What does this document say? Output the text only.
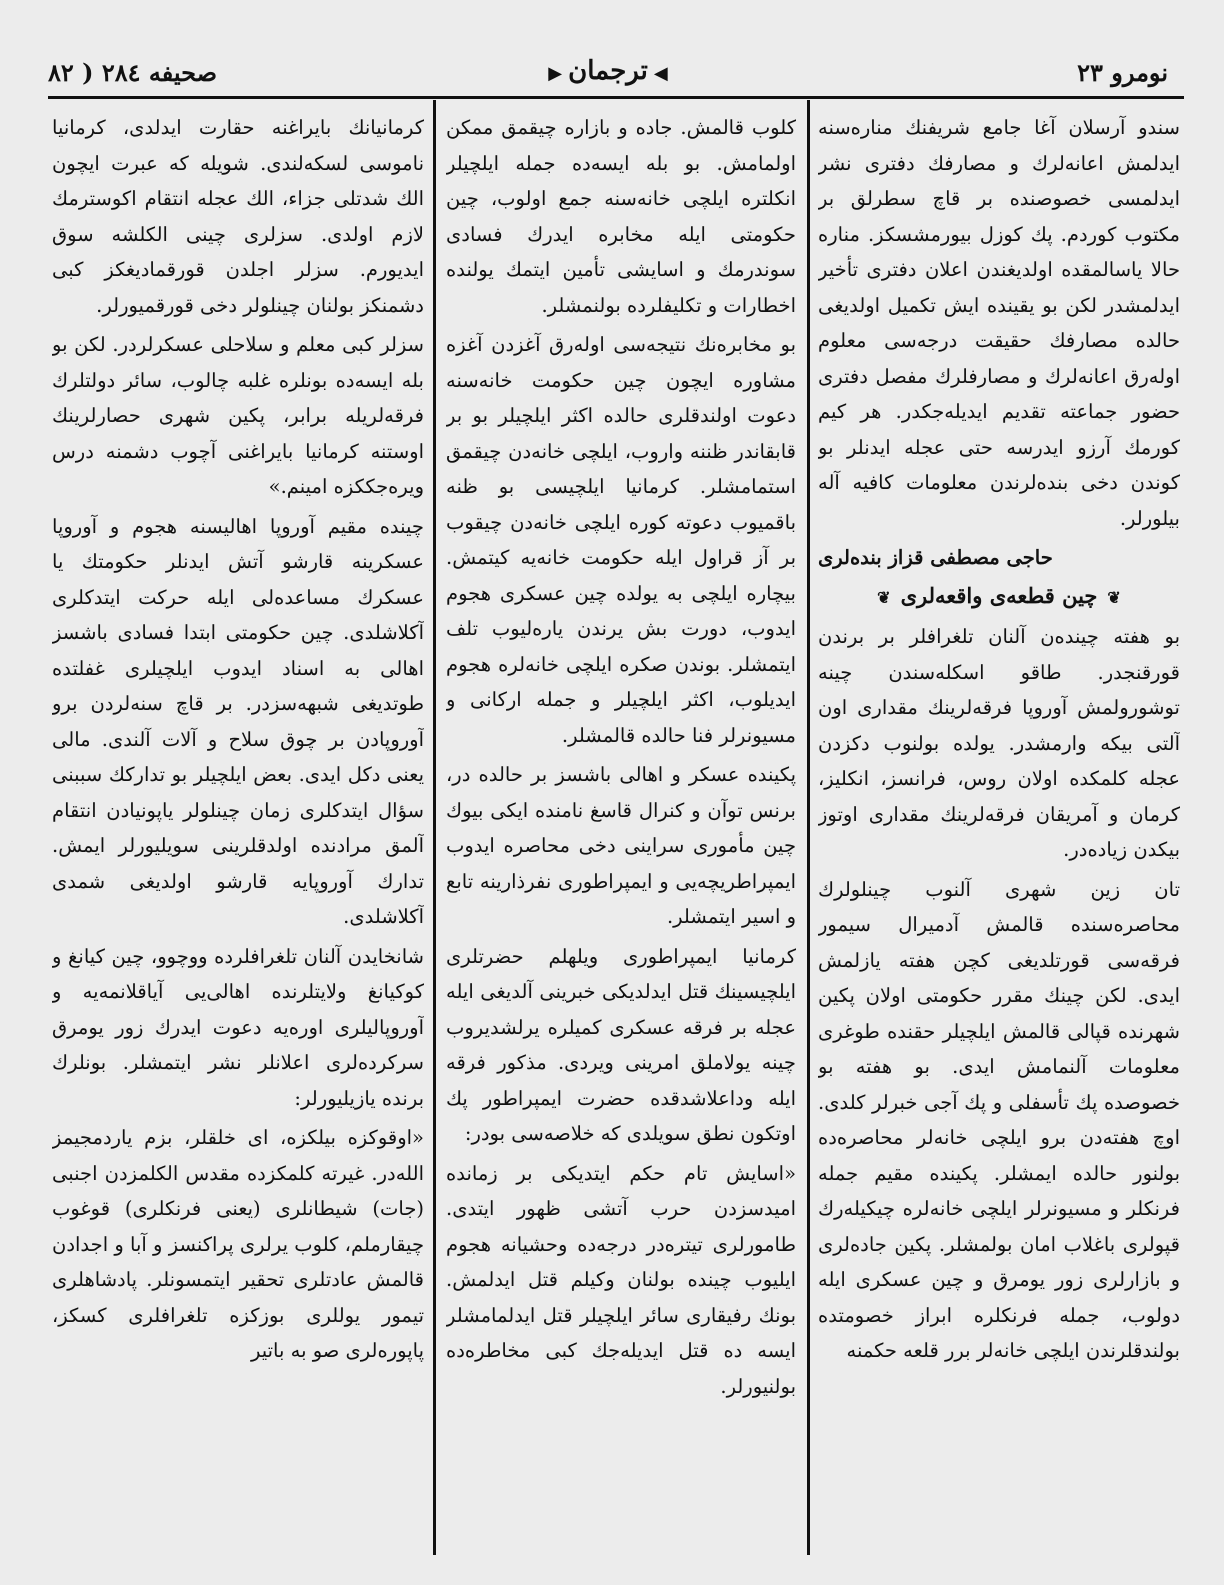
نومرو ۲۳
◀ترجمان▶
صحیفه ۲۸٤ ( ۸۲

سندو آرسلان آغا جامع شریفنك مناره‌سنه ایدلمش اعانه‌لرك و مصارفك دفتری نشر ایدلمسی خصوصنده بر قاچ سطرلق بر مکتوب کوردم. پك کوزل بیورمشسکز. مناره حالا یاسالمقده اولدیغندن اعلان دفتری تأخیر ایدلمشدر لکن بو یقینده ایش تکمیل اولدیغی حالده مصارفك حقیقت درجه‌سی معلوم اوله‌رق اعانه‌لرك و مصارفلرك مفصل دفتری حضور جماعته تقدیم ایدیله‌جکدر. هر کیم کورمك آرزو ایدرسه حتی عجله ایدنلر بو کوندن دخی بنده‌لرندن معلومات کافیه آله بیلورلر.

حاجی مصطفی قزاز بنده‌لری

❦چین قطعه‌ی واقعه‌لری❦

بو هفته چینده‌ن آلنان تلغرافلر بر برندن قورقنجدر. طاقو اسکله‌سندن چینه توشورولمش آوروپا فرقه‌لرینك مقداری اون آلتی بیکه وارمشدر. یولده بولنوب دکزدن عجله کلمکده اولان روس، فرانسز، انکلیز، کرمان و آمریقان فرقه‌لرینك مقداری اوتوز بیکدن زیاده‌در.

تان زین شهری آلنوب چینلولرك محاصره‌سنده قالمش آدمیرال سیمور فرقه‌سی قورتلدیغی کچن هفته یازلمش ایدی. لکن چینك مقرر حکومتی اولان پکین شهرنده قپالی قالمش ایلچیلر حقنده طوغری معلومات آلنمامش ایدی. بو هفته بو خصوصده پك تأسفلی و پك آجی خبرلر کلدی. اوچ هفته‌دن برو ایلچی خانه‌لر محاصره‌ده بولنور حالده ایمشلر. پکینده مقیم جمله فرنکلر و مسیونرلر ایلچی خانه‌لره چیکیله‌رك قپولری باغلاب امان بولمشلر. پکین جاده‌لری و بازارلری زور یومرق و چین عسکری ایله دولوب، جمله فرنکلره ابراز خصومتده بولندقلرندن ایلچی خانه‌لر برر قلعه حکمنه

کلوب قالمش. جاده و بازاره چیقمق ممکن اولمامش. بو بله ایسه‌ده جمله ایلچیلر انکلتره ایلچی خانه‌سنه جمع اولوب، چین حکومتی ایله مخابره ایدرك فسادی سوندرمك و اسایشی تأمین ایتمك یولنده اخطارات و تکلیفلرده بولنمشلر.

بو مخابره‌نك نتیجه‌سی اوله‌رق آغزدن آغزه مشاوره ایچون چین حکومت خانه‌سنه دعوت اولندقلری حالده اکثر ایلچیلر بو بر قابقاندر ظننه واروب، ایلچی خانه‌دن چیقمق استمامشلر. کرمانیا ایلچیسی بو ظنه باقمیوب دعوته کوره ایلچی خانه‌دن چیقوب بر آز قراول ایله حکومت خانه‌یه کیتمش. بیچاره ایلچی به یولده چین عسکری هجوم ایدوب، دورت بش یرندن یاره‌لیوب تلف ایتمشلر. بوندن صکره ایلچی خانه‌لره هجوم ایدیلوب، اکثر ایلچیلر و جمله ارکانی و مسیونرلر فنا حالده قالمشلر.

پکینده عسکر و اهالی باشسز بر حالده در، برنس توآن و کنرال قاسغ نامنده ایکی بیوك چین مأموری سراینی دخی محاصره ایدوب ایمپراطریچه‌یی و ایمپراطوری نفرذارینه تابع و اسیر ایتمشلر.

کرمانیا ایمپراطوری ویلهلم حضرتلری ایلچیسینك قتل ایدلدیکی خبرینی آلدیغی ایله عجله بر فرقه عسکری کمیلره یرلشدیروب چینه یولاملق امرینی ویردی. مذکور فرقه ایله وداعلاشدقده حضرت ایمپراطور پك اوتکون نطق سویلدی که خلاصه‌سی بودر:

«اسایش تام حکم ایتدیکی بر زمانده امیدسزدن حرب آتشی ظهور ایتدی. طامورلری تیتره‌در درجه‌ده وحشیانه هجوم ایلیوب چینده بولنان وکیلم قتل ایدلمش. بونك رفیقاری سائر ایلچیلر قتل ایدلمامشلر ایسه ده قتل ایدیله‌جك کبی مخاطره‌ده بولنیورلر.

کرمانیانك بایراغنه حقارت ایدلدی، کرمانیا ناموسی لسکه‌لندی. شویله که عبرت ایچون الك شدتلی جزاء، الك عجله انتقام اکوسترمك لازم اولدی. سزلری چینی الکلشه سوق ایدیورم. سزلر اجلدن قورقمادیغکز کبی دشمنکز بولنان چینلولر دخی قورقمیورلر.

سزلر کبی معلم و سلاحلی عسکرلردر. لکن بو بله ایسه‌ده بونلره غلبه چالوب، سائر دولتلرك فرقه‌لریله برابر، پکین شهری حصارلرینك اوستنه کرمانیا بایراغنی آچوب دشمنه درس ویره‌جککزه امینم.»

چینده مقیم آوروپا اهالیسنه هجوم و آوروپا عسکرینه قارشو آتش ایدنلر حکومتك یا عسکرك مساعده‌لی ایله حرکت ایتدکلری آکلاشلدی. چین حکومتی ابتدا فسادی باشسز اهالی به اسناد ایدوب ایلچیلری غفلتده طوتدیغی شبهه‌سزدر. بر قاچ سنه‌لردن برو آوروپادن بر چوق سلاح و آلات آلندی. مالی یعنی دکل ایدی. بعض ایلچیلر بو تدارکك سببنی سؤال ایتدکلری زمان چینلولر یاپونیادن انتقام آلمق مرادنده اولدقلرینی سویلیورلر ایمش. تدارك آوروپایه قارشو اولدیغی شمدی آکلاشلدی.

شانخایدن آلنان تلغرافلرده ووچوو، چین کیانغ و کوکیانغ ولایتلرنده اهالی‌یی آیاقلانمه‌یه و آوروپالیلری اوره‌یه دعوت ایدرك زور یومرق سرکرده‌لری اعلانلر نشر ایتمشلر. بونلرك برنده یازیلیورلر:

«اوقوکزه بیلکزه، ای خلقلر، بزم یاردمجیمز الله‌در. غیرته کلمکزده مقدس الکلمزدن اجنبی (جات) شیطانلری (یعنی فرنکلری) قوغوب چیقارملم، کلوب یرلری پراکنسز و آبا و اجدادن قالمش عادتلری تحقیر ایتمسونلر. پادشاهلری تیمور یوللری بوزکزه تلغرافلری کسکز، پاپوره‌لری صو به باتیر
